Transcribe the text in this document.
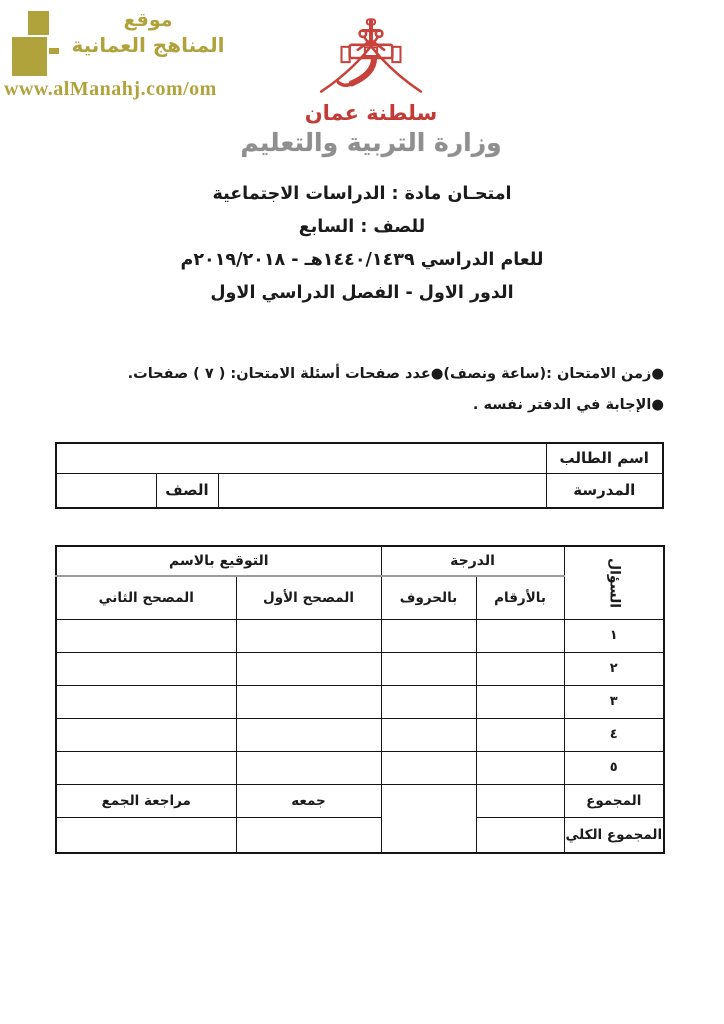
موقع
المناهج العمانية
www.alManahj.com/om
سلطنة عمان
وزارة التربية والتعليم
امتحـان مادة : الدراسات الاجتماعية
للصف : السابع
للعام الدراسي ١٤٤٠/١٤٣٩هـ - ٢٠١٩/٢٠١٨م
الدور الاول - الفصل الدراسي الاول
●زمن الامتحان :(ساعة ونصف)●عدد صفحات أسئلة الامتحان: ( ٧ ) صفحات.
●الإجابة في الدفتر نفسه .
اسم الطالب			
المدرسة		الصف	
السؤال	الدرجة		التوقيع بالاسم	
	بالأرقام	بالحروف	المصحح الأول	المصحح الثاني
١				
٢				
٣				
٤				
٥				
المجموع			جمعه	مراجعة الجمع
المجموع الكلي				
